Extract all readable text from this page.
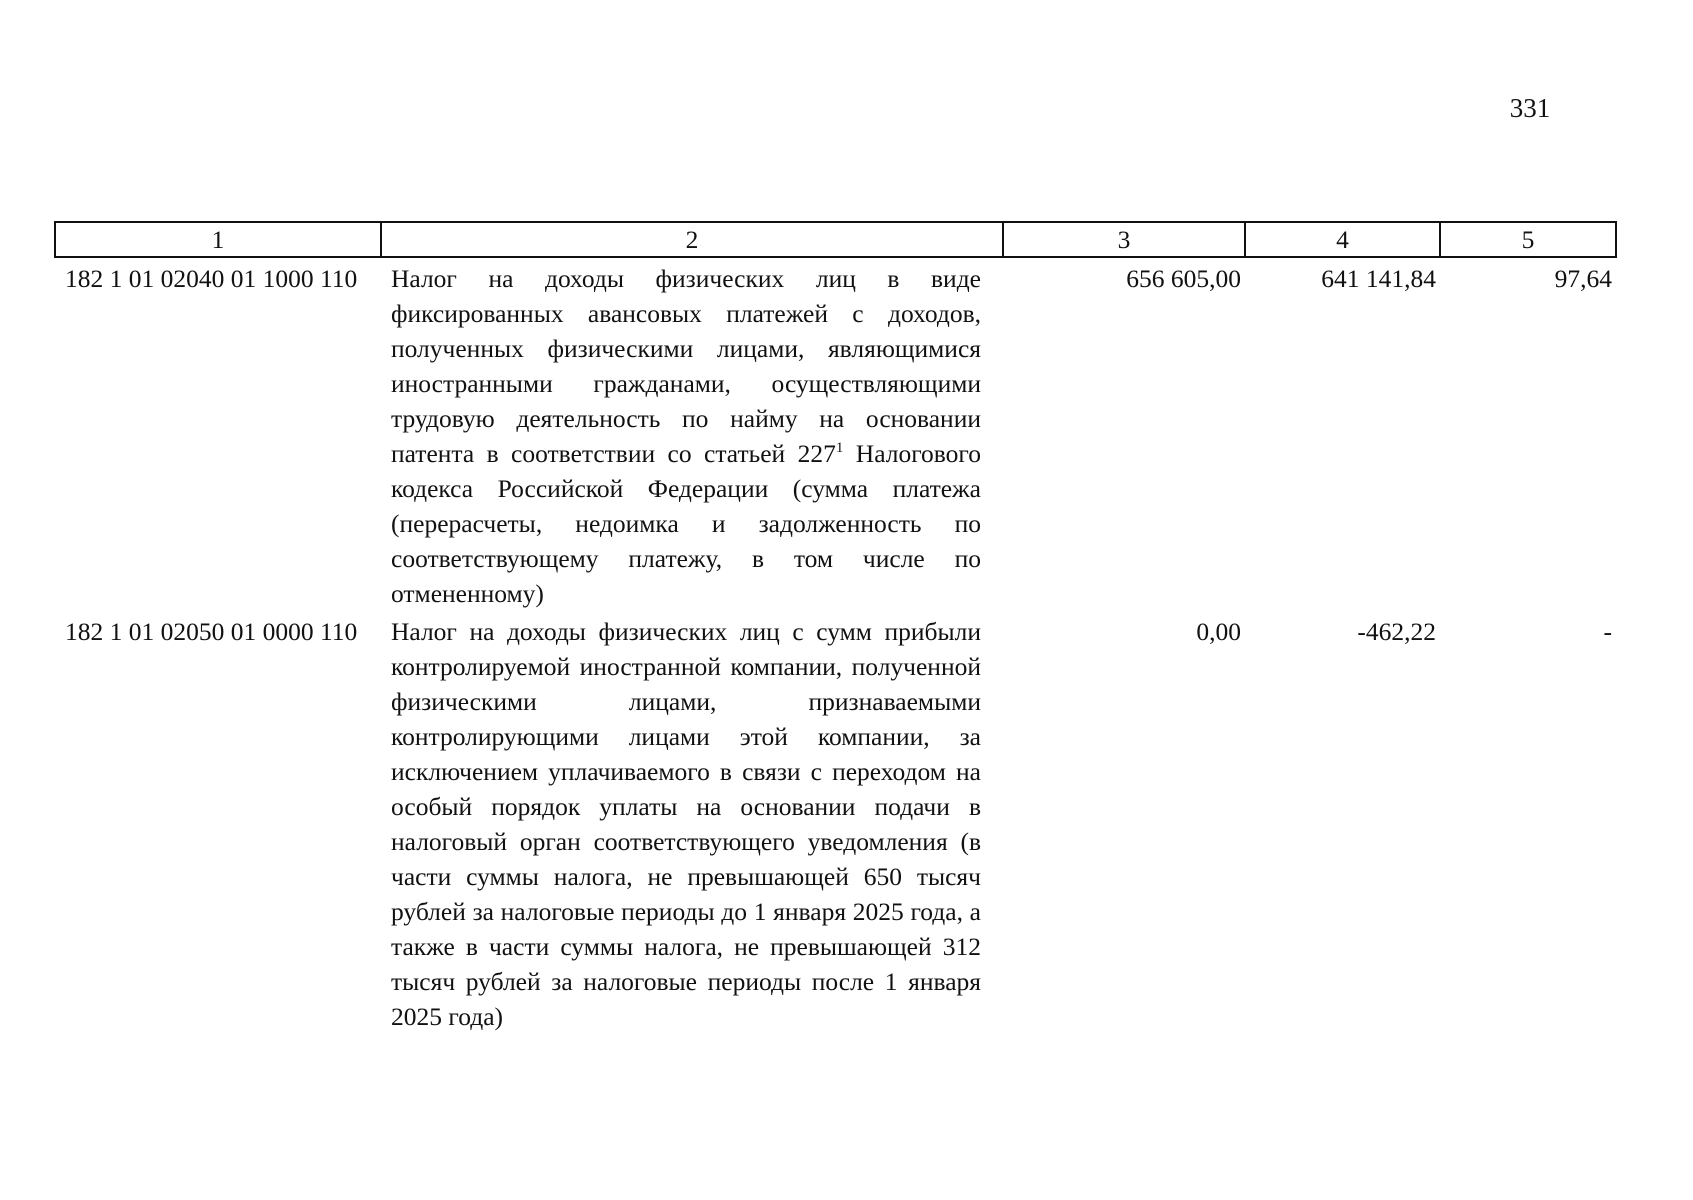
331
1	2	3	4	5
182 1 01 02040 01 1000 110	Налог на доходы физических лиц в виде фиксированных авансовых платежей с доходов, полученных физическими лицами, являющимися иностранными гражданами, осуществляющими трудовую деятельность по найму на основании патента в соответствии со статьей $227^1$ Налогового кодекса Российской Федерации (сумма платежа (перерасчеты, недоимка и задолженность по соответствующему платежу, в том числе по отмененному)	656 605,00	641 141,84	97,64
182 1 01 02050 01 0000 110	Налог на доходы физических лиц с сумм прибыли контролируемой иностранной компании, полученной физическими лицами, признаваемыми контролирующими лицами этой компании, за исключением уплачиваемого в связи с переходом на особый порядок уплаты на основании подачи в налоговый орган соответствующего уведомления (в части суммы налога, не превышающей 650 тысяч рублей за налоговые периоды до 1 января 2025 года, а также в части суммы налога, не превышающей 312 тысяч рублей за налоговые периоды после 1 января 2025 года)	0,00	-462,22	-
